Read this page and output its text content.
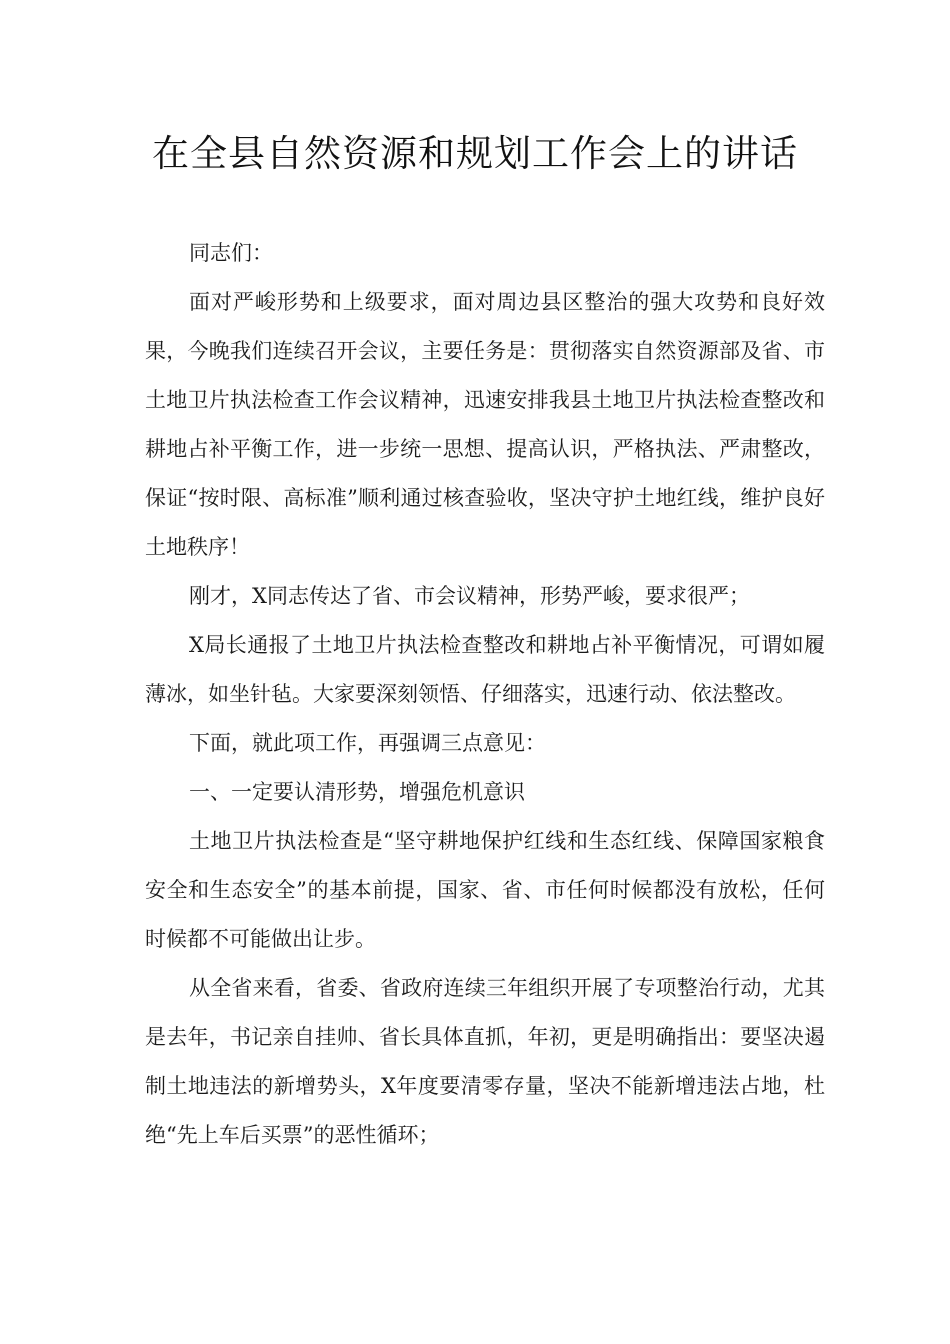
在全县自然资源和规划工作会上的讲话

同志们：

面对严峻形势和上级要求，面对周边县区整治的强大攻势和良好效果，今晚我们连续召开会议，主要任务是：贯彻落实自然资源部及省、市土地卫片执法检查工作会议精神，迅速安排我县土地卫片执法检查整改和耕地占补平衡工作，进一步统一思想、提高认识，严格执法、严肃整改，保证“按时限、高标准”顺利通过核查验收，坚决守护土地红线，维护良好土地秩序！

刚才，X同志传达了省、市会议精神，形势严峻，要求很严；

X局长通报了土地卫片执法检查整改和耕地占补平衡情况，可谓如履薄冰，如坐针毡。大家要深刻领悟、仔细落实，迅速行动、依法整改。

下面，就此项工作，再强调三点意见：

一、一定要认清形势，增强危机意识

土地卫片执法检查是“坚守耕地保护红线和生态红线、保障国家粮食安全和生态安全”的基本前提，国家、省、市任何时候都没有放松，任何时候都不可能做出让步。

从全省来看，省委、省政府连续三年组织开展了专项整治行动，尤其是去年，书记亲自挂帅、省长具体直抓，年初，更是明确指出：要坚决遏制土地违法的新增势头，X年度要清零存量，坚决不能新增违法占地，杜绝“先上车后买票”的恶性循环；
